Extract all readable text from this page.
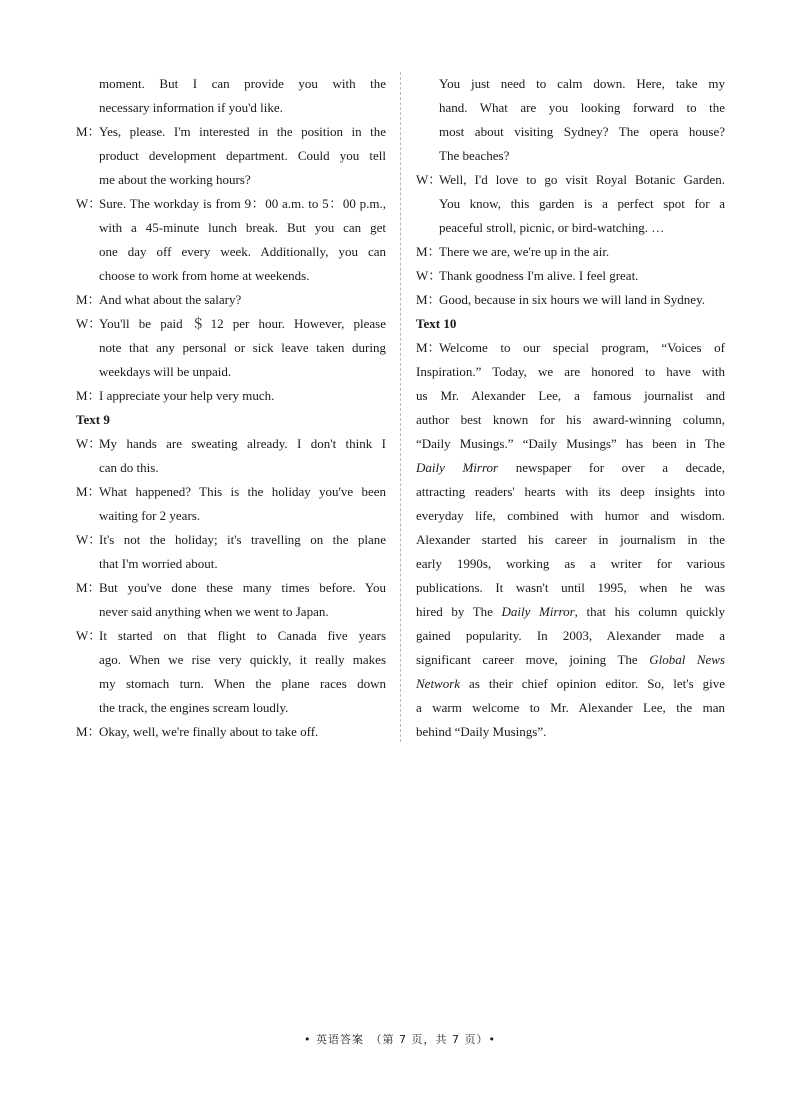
moment. But I can provide you with the
necessary information if you'd like.
M：
Yes, please. I'm interested in the position in the
product development department. Could you tell
me about the working hours?
W：
Sure. The workday is from 9：00 a.m. to 5：00 p.m.,
with a 45-minute lunch break. But you can get
one day off every week. Additionally, you can
choose to work from home at weekends.
M：
And what about the salary?
W：
You'll be paid ＄12 per hour. However, please
note that any personal or sick leave taken during
weekdays will be unpaid.
M：
I appreciate your help very much.
Text 9
W：
My hands are sweating already. I don't think I
can do this.
M：
What happened? This is the holiday you've been
waiting for 2 years.
W：
It's not the holiday; it's travelling on the plane
that I'm worried about.
M：
But you've done these many times before. You
never said anything when we went to Japan.
W：
It started on that flight to Canada five years
ago. When we rise very quickly, it really makes
my stomach turn. When the plane races down
the track, the engines scream loudly.
M：
Okay, well, we're finally about to take off.
You just need to calm down. Here, take my
hand. What are you looking forward to the
most about visiting Sydney? The opera house?
The beaches?
W：
Well, I'd love to go visit Royal Botanic Garden.
You know, this garden is a perfect spot for a
peaceful stroll, picnic, or bird-watching. …
M：
There we are, we're up in the air.
W：
Thank goodness I'm alive. I feel great.
M：
Good, because in six hours we will land in Sydney.
Text 10
M：
Welcome to our special program, “Voices of
Inspiration.” Today, we are honored to have with
us Mr. Alexander Lee, a famous journalist and
author best known for his award-winning column,
“Daily Musings.” “Daily Musings” has been in The
Daily Mirror newspaper for over a decade,
attracting readers' hearts with its deep insights into
everyday life, combined with humor and wisdom.
Alexander started his career in journalism in the
early 1990s, working as a writer for various
publications. It wasn't until 1995, when he was
hired by The Daily Mirror, that his column quickly
gained popularity. In 2003, Alexander made a
significant career move, joining The Global News
Network as their chief opinion editor. So, let's give
a warm welcome to Mr. Alexander Lee, the man
behind “Daily Musings”.
• 英语答案　（第 7 页，共 7 页）•
